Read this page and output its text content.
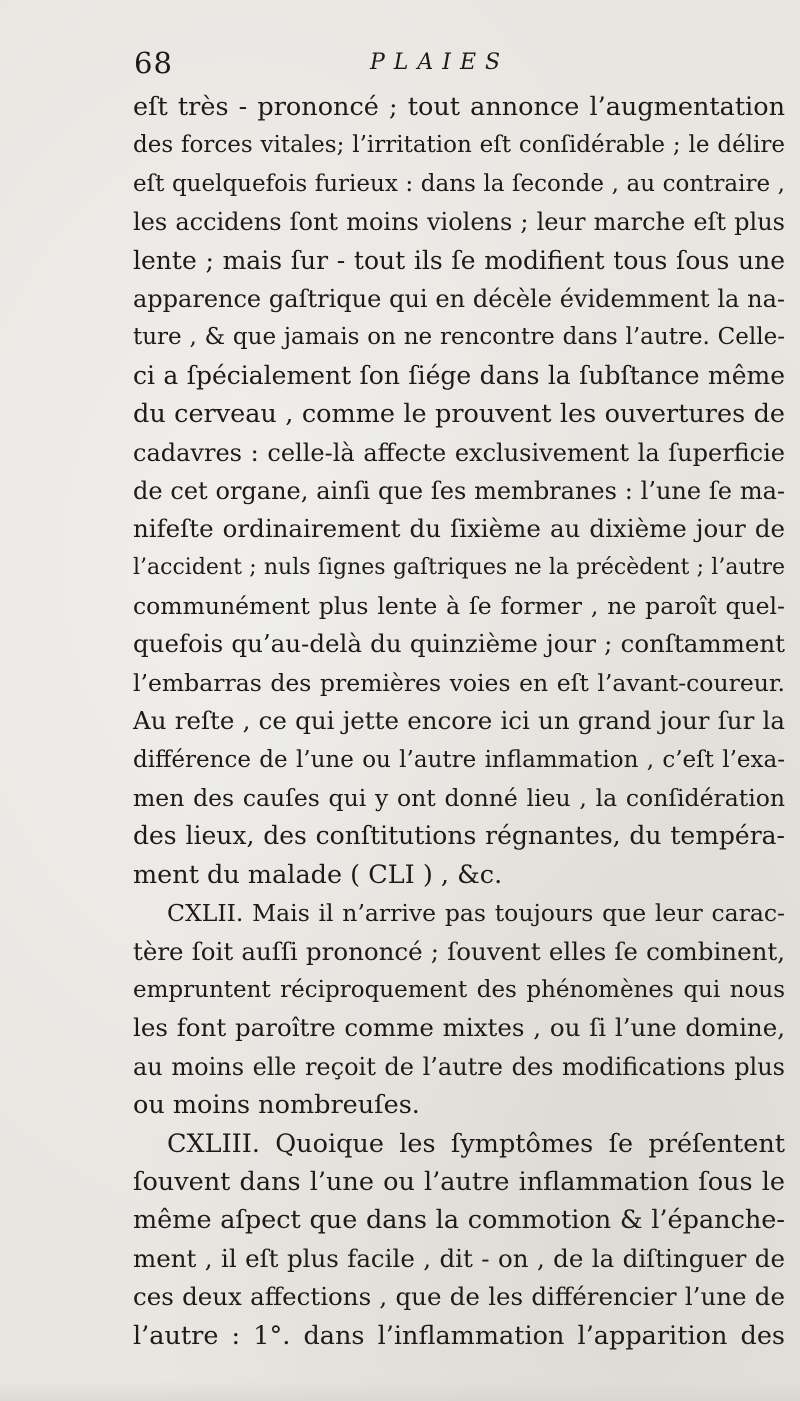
68	PLAIES
eſt très - prononcé ; tout annonce l’augmentation
des forces vitales; l’irritation eſt conſidérable ; le délire
eſt quelquefois furieux : dans la ſeconde , au contraire ,
les accidens ſont moins violens ; leur marche eſt plus
lente ; mais ſur - tout ils ſe modifient tous ſous une
apparence gaſtrique qui en décèle évidemment la na-
ture , & que jamais on ne rencontre dans l’autre. Celle-
ci a ſpécialement ſon ſiége dans la ſubſtance même
du cerveau , comme le prouvent les ouvertures de
cadavres : celle-là affecte exclusivement la ſuperficie
de cet organe, ainſi que ſes membranes : l’une ſe ma-
nifeſte ordinairement du ſixième au dixième jour de
l’accident ; nuls ſignes gaſtriques ne la précèdent ; l’autre
communément plus lente à ſe former , ne paroît quel-
quefois qu’au-delà du quinzième jour ; conſtamment
l’embarras des premières voies en eſt l’avant-coureur.
Au reſte , ce qui jette encore ici un grand jour ſur la
différence de l’une ou l’autre inflammation , c’eſt l’exa-
men des cauſes qui y ont donné lieu , la conſidération
des lieux, des conſtitutions régnantes, du tempéra-
ment du malade ( CLI ) , &c.
CXLII. Mais il n’arrive pas toujours que leur carac-
tère ſoit auſſi prononcé ; ſouvent elles ſe combinent,
empruntent réciproquement des phénomènes qui nous
les font paroître comme mixtes , ou ſi l’une domine,
au moins elle reçoit de l’autre des modifications plus
ou moins nombreuſes.
CXLIII. Quoique les ſymptômes ſe préſentent
ſouvent dans l’une ou l’autre inflammation ſous le
même aſpect que dans la commotion & l’épanche-
ment , il eſt plus facile , dit - on , de la diſtinguer de
ces deux affections , que de les différencier l’une de
l’autre : 1°. dans l’inflammation l’apparition des
